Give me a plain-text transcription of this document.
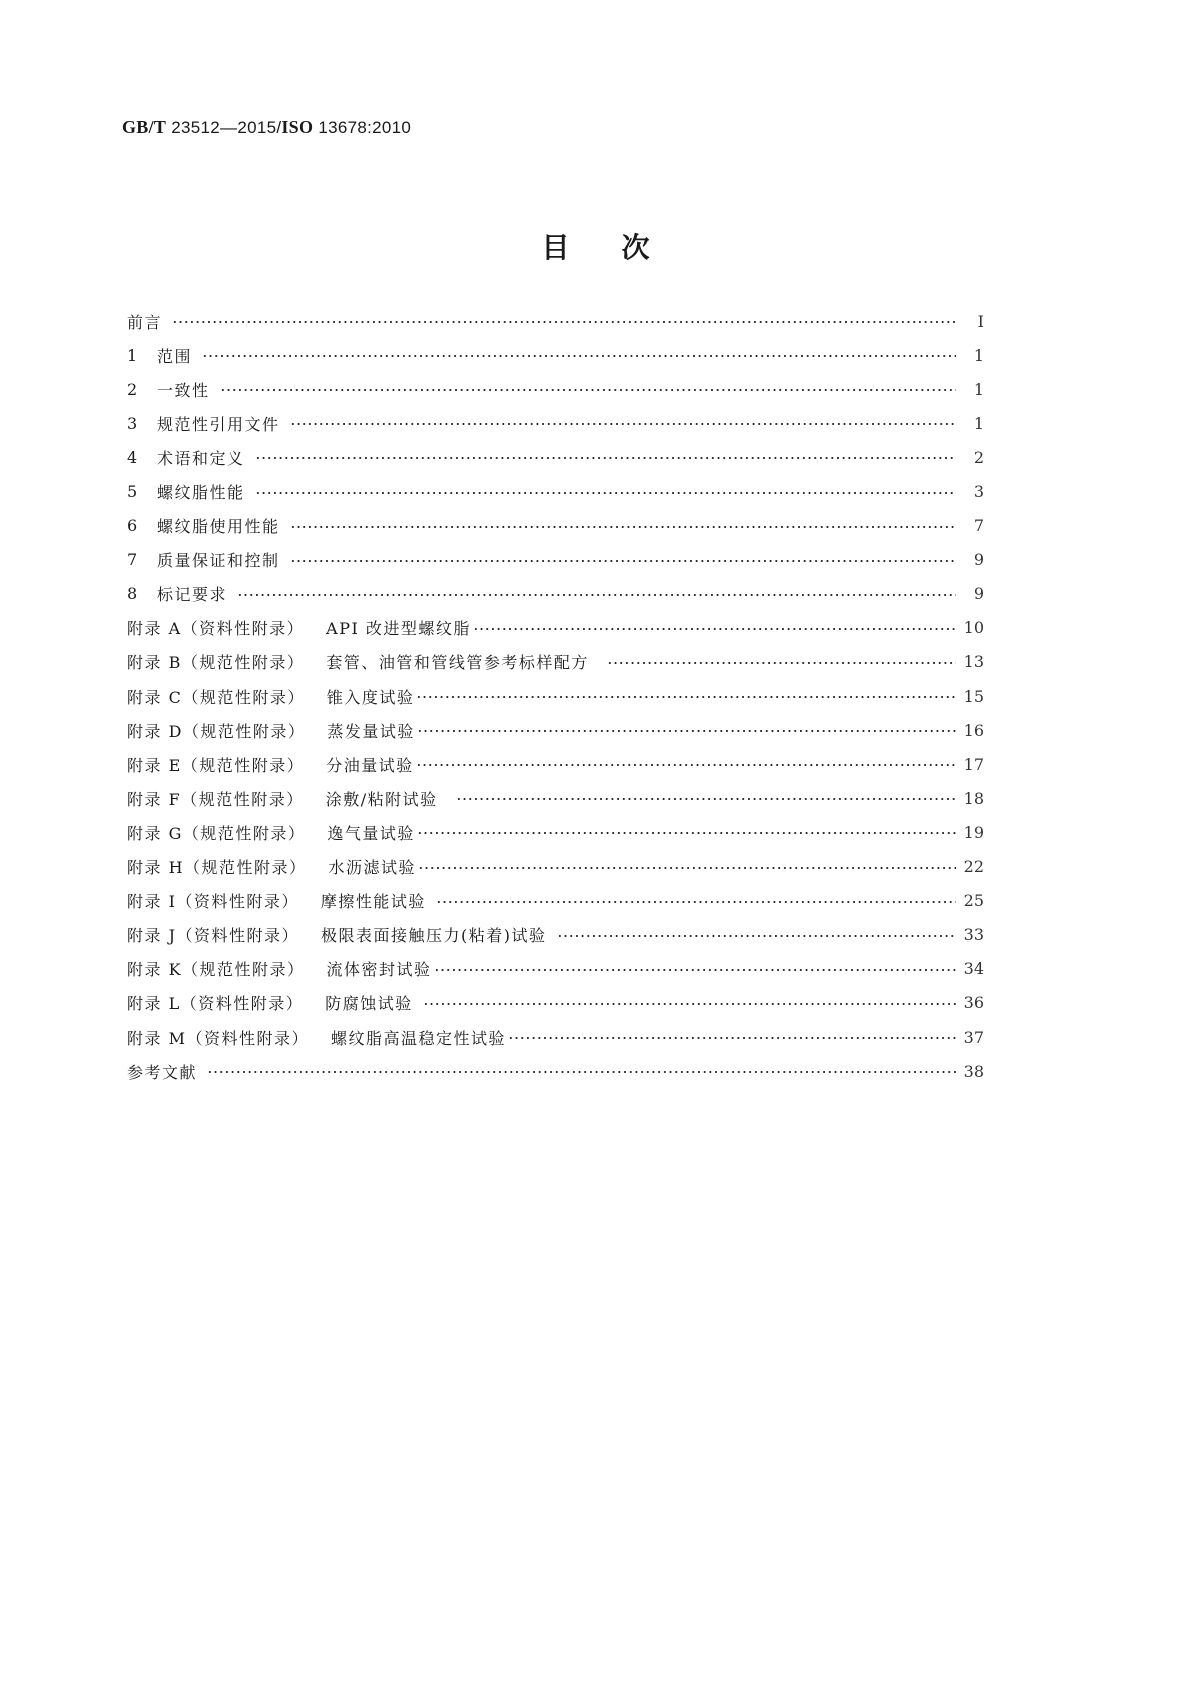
GB/T 23512—2015/ISO 13678:2010
目 次
前言	Ⅰ
1	范围	1
2	一致性	1
3	规范性引用文件	1
4	术语和定义	2
5	螺纹脂性能	3
6	螺纹脂使用性能	7
7	质量保证和控制	9
8	标记要求	9
附录 A（资料性附录）	API 改进型螺纹脂	10
附录 B（规范性附录）	套管、油管和管线管参考标样配方	13
附录 C（规范性附录）	锥入度试验	15
附录 D（规范性附录）	蒸发量试验	16
附录 E（规范性附录）	分油量试验	17
附录 F（规范性附录）	涂敷/粘附试验	18
附录 G（规范性附录）	逸气量试验	19
附录 H（规范性附录）	水沥滤试验	22
附录 I（资料性附录）	摩擦性能试验	25
附录 J（资料性附录）	极限表面接触压力(粘着)试验	33
附录 K（规范性附录）	流体密封试验	34
附录 L（资料性附录）	防腐蚀试验	36
附录 M（资料性附录）	螺纹脂高温稳定性试验	37
参考文献	38
